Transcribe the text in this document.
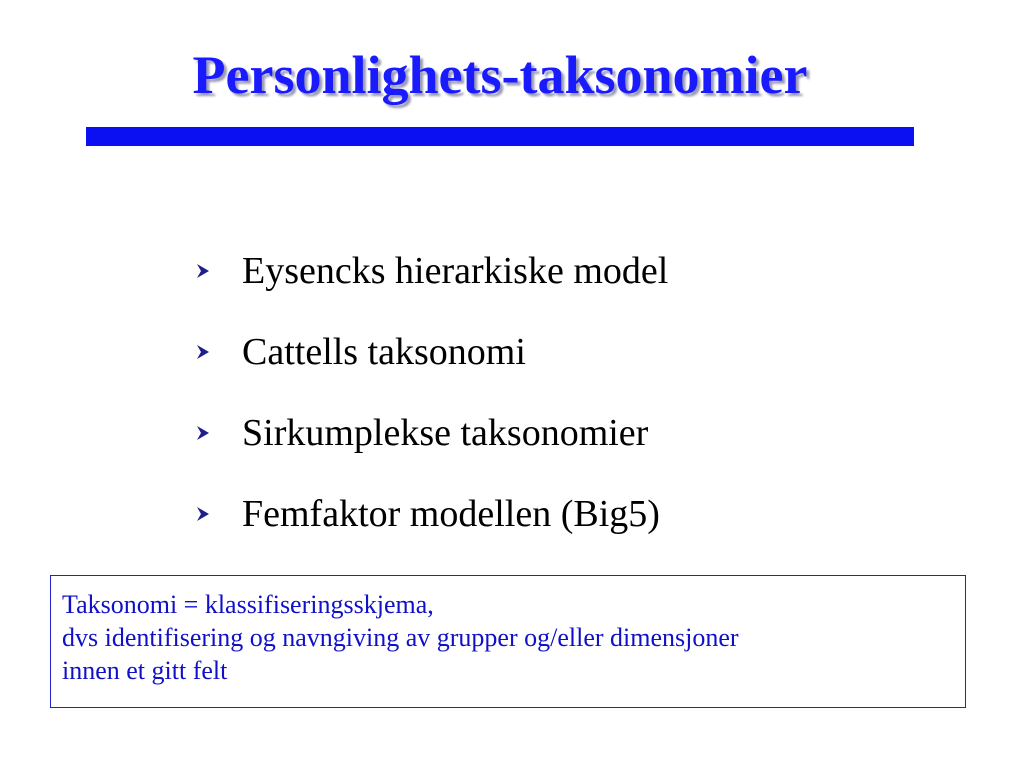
Personlighets-taksonomier
Eysencks hierarkiske model
Cattells taksonomi
Sirkumplekse taksonomier
Femfaktor modellen (Big5)
Taksonomi = klassifiseringsskjema,
dvs identifisering og navngiving av grupper og/eller dimensjoner
innen et gitt felt
